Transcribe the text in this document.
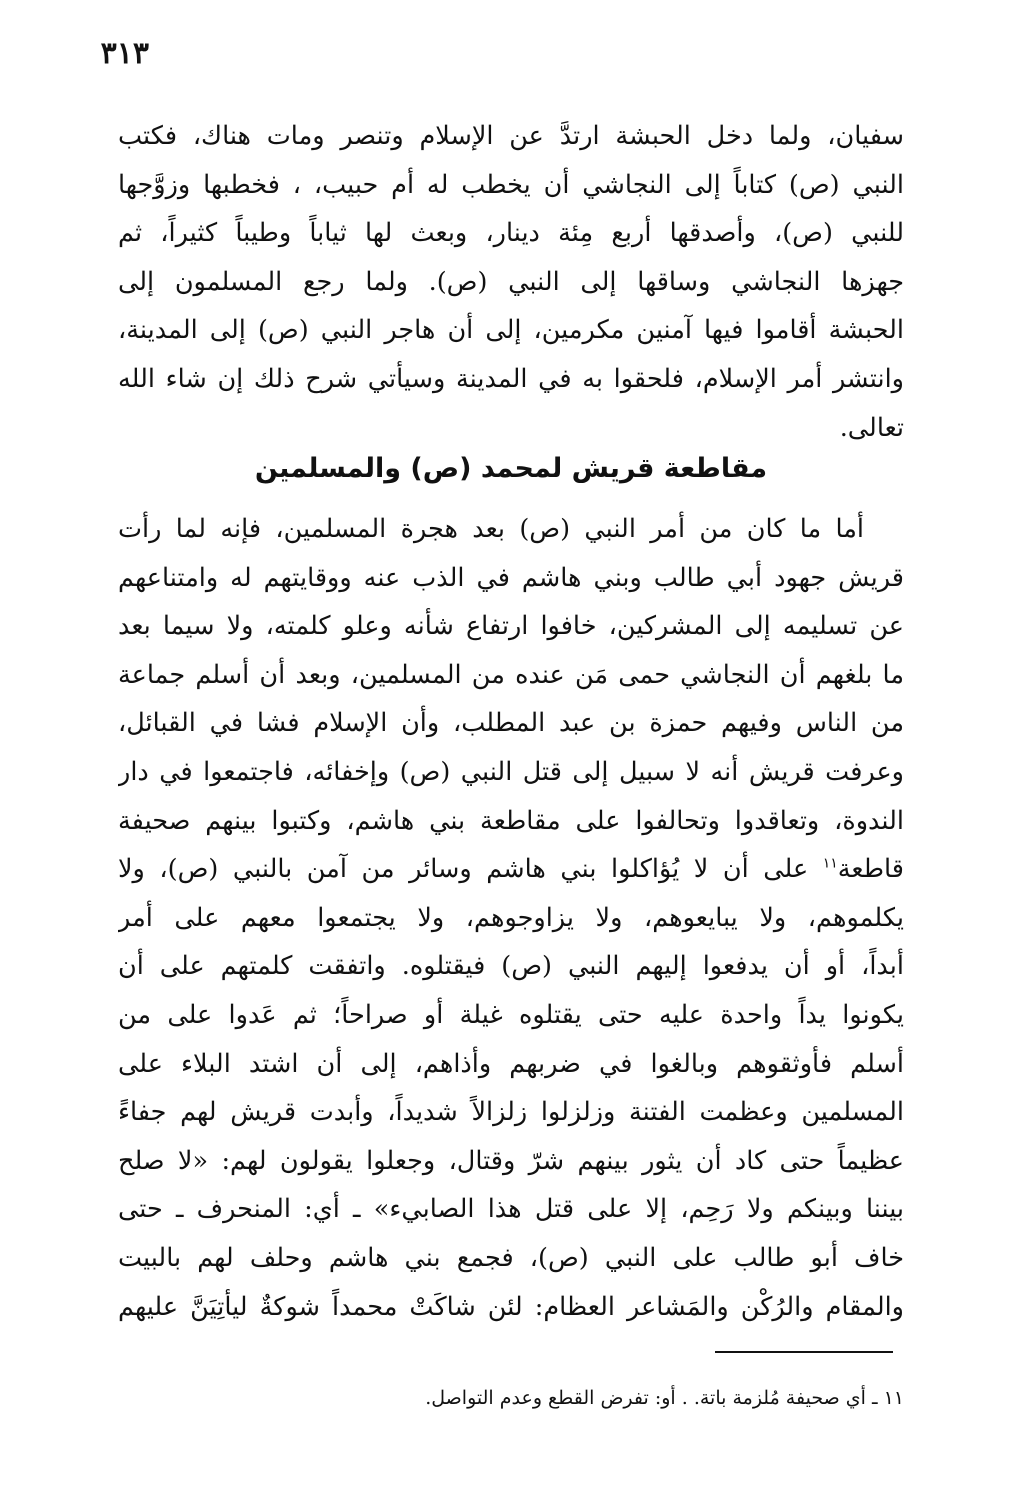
٣١٣
سفيان، ولما دخل الحبشة ارتدَّ عن الإسلام وتنصر ومات هناك، فكتب
النبي (ص) كتاباً إلى النجاشي أن يخطب له أم حبيب، ، فخطبها وزوَّجها
للنبي (ص)، وأصدقها أربع مِئة دينار، وبعث لها ثياباً وطيباً كثيراً، ثم
جهزها النجاشي وساقها إلى النبي (ص). ولما رجع المسلمون إلى
الحبشة أقاموا فيها آمنين مكرمين، إلى أن هاجر النبي (ص) إلى المدينة،
وانتشر أمر الإسلام، فلحقوا به في المدينة وسيأتي شرح ذلك إن شاء الله
تعالى.
مقاطعة قريش لمحمد (ص) والمسلمين
أما ما كان من أمر النبي (ص) بعد هجرة المسلمين، فإنه لما رأت
قريش جهود أبي طالب وبني هاشم في الذب عنه ووقايتهم له وامتناعهم
عن تسليمه إلى المشركين، خافوا ارتفاع شأنه وعلو كلمته، ولا سيما بعد
ما بلغهم أن النجاشي حمى مَن عنده من المسلمين، وبعد أن أسلم جماعة
من الناس وفيهم حمزة بن عبد المطلب، وأن الإسلام فشا في القبائل،
وعرفت قريش أنه لا سبيل إلى قتل النبي (ص) وإخفائه، فاجتمعوا في دار
الندوة، وتعاقدوا وتحالفوا على مقاطعة بني هاشم، وكتبوا بينهم صحيفة
قاطعة$^{١١}$ على أن لا يُؤاكلوا بني هاشم وسائر من آمن بالنبي (ص)، ولا
يكلموهم، ولا يبايعوهم، ولا يزاوجوهم، ولا يجتمعوا معهم على أمر
أبداً، أو أن يدفعوا إليهم النبي (ص) فيقتلوه. واتفقت كلمتهم على أن
يكونوا يداً واحدة عليه حتى يقتلوه غيلة أو صراحاً؛ ثم عَدوا على من
أسلم فأوثقوهم وبالغوا في ضربهم وأذاهم، إلى أن اشتد البلاء على
المسلمين وعظمت الفتنة وزلزلوا زلزالاً شديداً، وأبدت قريش لهم جفاءً
عظيماً حتى كاد أن يثور بينهم شرّ وقتال، وجعلوا يقولون لهم: «لا صلح
بيننا وبينكم ولا رَحِم، إلا على قتل هذا الصابيء» ـ أي: المنحرف ـ حتى
خاف أبو طالب على النبي (ص)، فجمع بني هاشم وحلف لهم بالبيت
والمقام والرُكْن والمَشاعر العظام: لئن شاكَتْ محمداً شوكةٌ ليأتِيَنَّ عليهم
١١ ـ أي صحيفة مُلزمة باتة. . أو: تفرض القطع وعدم التواصل.
